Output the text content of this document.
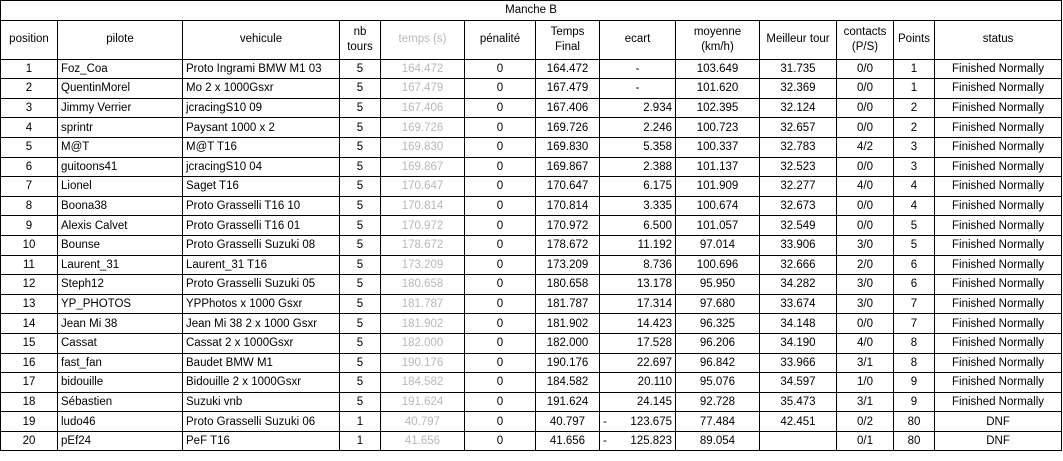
Manche B												
position	pilote	vehicule	nb tours	temps (s)	pénalité	Temps Final	ecart	moyenne (km/h)	Meilleur tour	contacts (P/S)	Points	status
1	Foz_Coa	Proto Ingrami BMW M1 03	5	164.472	0	164.472	-	103.649	31.735	0/0	1	Finished Normally
2	QuentinMorel	Mo 2 x 1000Gsxr	5	167.479	0	167.479	-	101.620	32.369	0/0	1	Finished Normally
3	Jimmy Verrier	jcracingS10 09	5	167.406	0	167.406	2.934	102.395	32.124	0/0	2	Finished Normally
4	sprintr	Paysant 1000 x 2	5	169.726	0	169.726	2.246	100.723	32.657	0/0	2	Finished Normally
5	M@T	M@T T16	5	169.830	0	169.830	5.358	100.337	32.783	4/2	3	Finished Normally
6	guitoons41	jcracingS10 04	5	169.867	0	169.867	2.388	101.137	32.523	0/0	3	Finished Normally
7	Lionel	Saget T16	5	170.647	0	170.647	6.175	101.909	32.277	4/0	4	Finished Normally
8	Boona38	Proto Grasselli T16 10	5	170.814	0	170.814	3.335	100.674	32.673	0/0	4	Finished Normally
9	Alexis Calvet	Proto Grasselli T16 01	5	170.972	0	170.972	6.500	101.057	32.549	0/0	5	Finished Normally
10	Bounse	Proto Grasselli Suzuki 08	5	178.672	0	178.672	11.192	97.014	33.906	3/0	5	Finished Normally
11	Laurent_31	Laurent_31 T16	5	173.209	0	173.209	8.736	100.696	32.666	2/0	6	Finished Normally
12	Steph12	Proto Grasselli Suzuki 05	5	180.658	0	180.658	13.178	95.950	34.282	3/0	6	Finished Normally
13	YP_PHOTOS	YPPhotos x 1000 Gsxr	5	181.787	0	181.787	17.314	97.680	33.674	3/0	7	Finished Normally
14	Jean Mi 38	Jean Mi 38 2 x 1000 Gsxr	5	181.902	0	181.902	14.423	96.325	34.148	0/0	7	Finished Normally
15	Cassat	Cassat 2 x 1000Gsxr	5	182.000	0	182.000	17.528	96.206	34.190	4/0	8	Finished Normally
16	fast_fan	Baudet BMW M1	5	190.176	0	190.176	22.697	96.842	33.966	3/1	8	Finished Normally
17	bidouille	Bidouille 2 x 1000Gsxr	5	184.582	0	184.582	20.110	95.076	34.597	1/0	9	Finished Normally
18	Sébastien	Suzuki vnb	5	191.624	0	191.624	24.145	92.728	35.473	3/1	9	Finished Normally
19	ludo46	Proto Grasselli Suzuki 06	1	40.797	0	40.797	- 123.675	77.484	42.451	0/2	80	DNF
20	pEf24	PeF T16	1	41.656	0	41.656	- 125.823	89.054		0/1	80	DNF
